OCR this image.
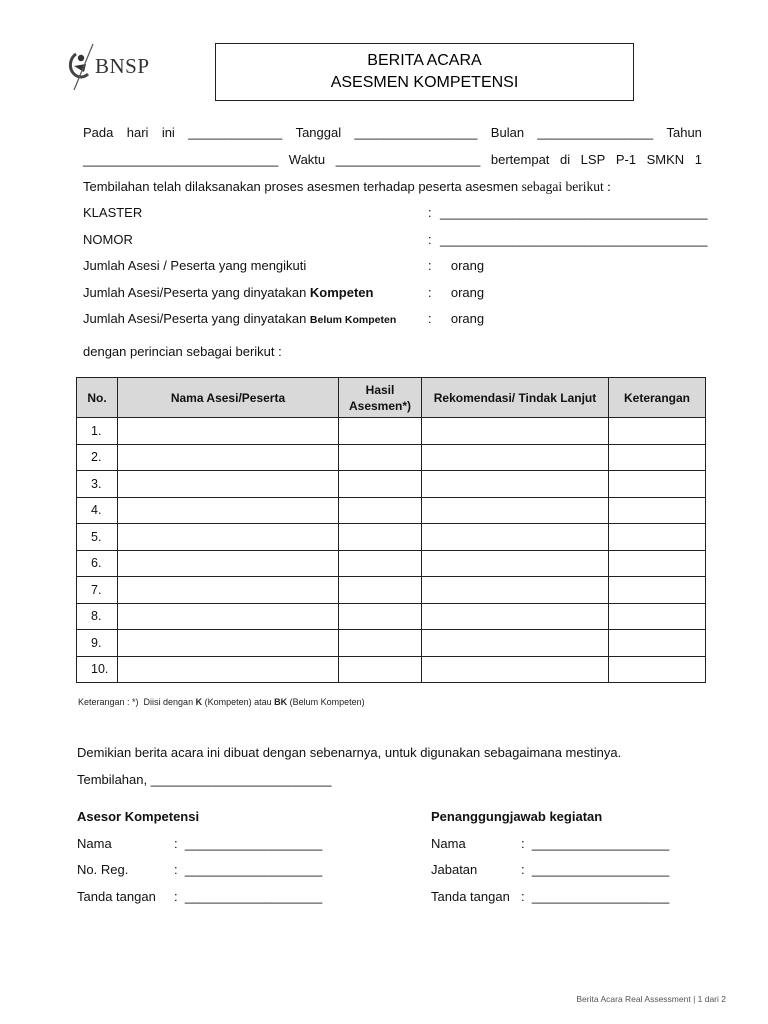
BNSP	BERITA ACARA
ASESMEN KOMPETENSI
Pada hari ini _____________ Tanggal _________________ Bulan ________________ Tahun
___________________________ Waktu ____________________ bertempat di LSP P-1 SMKN 1
Tembilahan telah dilaksanakan proses asesmen terhadap peserta asesmen sebagai berikut :
KLASTER	: _____________________________________
NOMOR	: _____________________________________
Jumlah Asesi / Peserta yang mengikuti	: orang
Jumlah Asesi/Peserta yang dinyatakan Kompeten	: orang
Jumlah Asesi/Peserta yang dinyatakan Belum Kompeten : orang
dengan perincian sebagai berikut :
No.	Nama Asesi/Peserta	Hasil Asesmen*)	Rekomendasi/ Tindak Lanjut	Keterangan
1.				
2.				
3.				
4.				
5.				
6.				
7.				
8.				
9.				
10.				
Keterangan : *)  Diisi dengan K (Kompeten) atau BK (Belum Kompeten)
Demikian berita acara ini dibuat dengan sebenarnya, untuk digunakan sebagaimana mestinya.
Tembilahan, _________________________
Asesor Kompetensi
Nama	:  ___________________
No. Reg.	:  ___________________
Tanda tangan :  ___________________
Penanggungjawab kegiatan
Nama	:  ___________________
Jabatan	:  ___________________
Tanda tangan :  ___________________
Berita Acara Real Assessment | 1 dari 2
